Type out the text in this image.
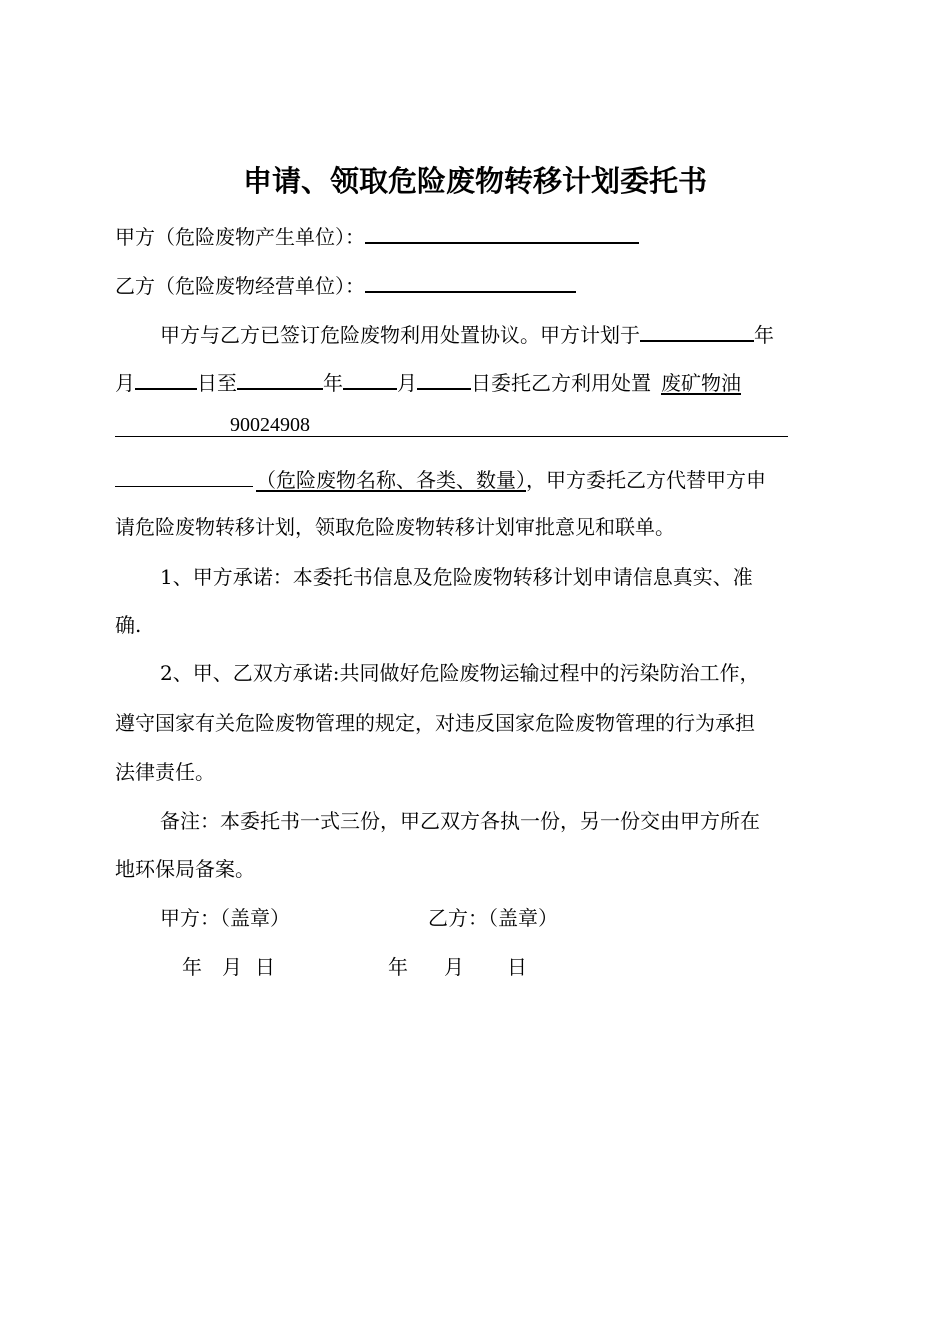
申请、领取危险废物转移计划委托书
甲方（危险废物产生单位）：
乙方（危险废物经营单位）：
甲方与乙方已签订危险废物利用处置协议。甲方计划于	年
月	日至	年	月	日委托乙方利用处置 废矿物油
90024908
（危险废物名称、各类、数量），甲方委托乙方代替甲方申
请危险废物转移计划，领取危险废物转移计划审批意见和联单。
1、甲方承诺：本委托书信息及危险废物转移计划申请信息真实、准
确.
2、甲、乙双方承诺:共同做好危险废物运输过程中的污染防治工作，
遵守国家有关危险废物管理的规定，对违反国家危险废物管理的行为承担
法律责任。
备注：本委托书一式三份，甲乙双方各执一份，另一份交由甲方所在
地环保局备案。
甲方：（盖章）	乙方：（盖章）
年 月 日	年 月 日
